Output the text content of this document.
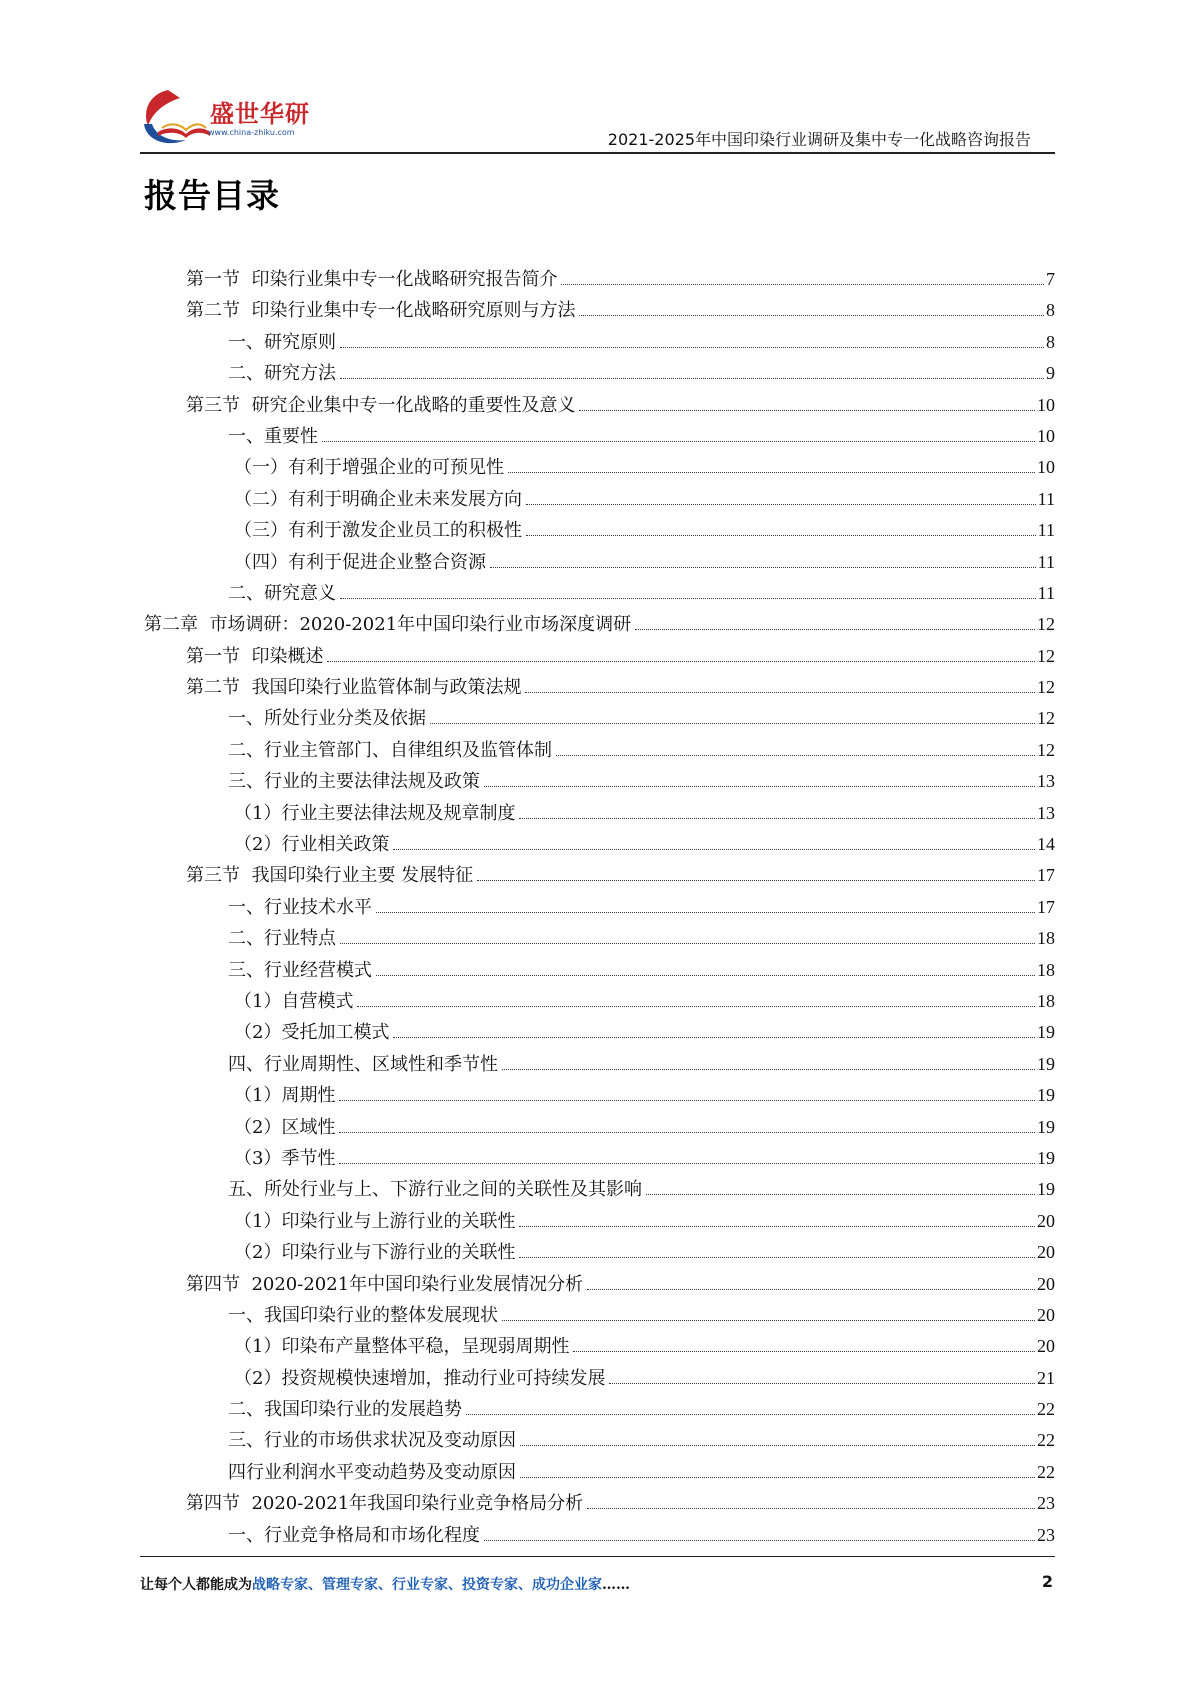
盛世华研
www.china-zhiku.com	2021-2025年中国印染行业调研及集中专一化战略咨询报告
报告目录
第一节  印染行业集中专一化战略研究报告简介	7
第二节  印染行业集中专一化战略研究原则与方法	8
一、研究原则	8
二、研究方法	9
第三节  研究企业集中专一化战略的重要性及意义	10
一、重要性	10
（一）有利于增强企业的可预见性	10
（二）有利于明确企业未来发展方向	11
（三）有利于激发企业员工的积极性	11
（四）有利于促进企业整合资源	11
二、研究意义	11
第二章  市场调研：2020-2021年中国印染行业市场深度调研	12
第一节  印染概述	12
第二节  我国印染行业监管体制与政策法规	12
一、所处行业分类及依据	12
二、行业主管部门、自律组织及监管体制	12
三、行业的主要法律法规及政策	13
（1）行业主要法律法规及规章制度	13
（2）行业相关政策	14
第三节  我国印染行业主要 发展特征	17
一、行业技术水平	17
二、行业特点	18
三、行业经营模式	18
（1）自营模式	18
（2）受托加工模式	19
四、行业周期性、区域性和季节性	19
（1）周期性	19
（2）区域性	19
（3）季节性	19
五、所处行业与上、下游行业之间的关联性及其影响	19
（1）印染行业与上游行业的关联性	20
（2）印染行业与下游行业的关联性	20
第四节  2020-2021年中国印染行业发展情况分析	20
一、我国印染行业的整体发展现状	20
（1）印染布产量整体平稳，呈现弱周期性	20
（2）投资规模快速增加，推动行业可持续发展	21
二、我国印染行业的发展趋势	22
三、行业的市场供求状况及变动原因	22
四行业利润水平变动趋势及变动原因	22
第四节  2020-2021年我国印染行业竞争格局分析	23
一、行业竞争格局和市场化程度	23
让每个人都能成为战略专家、管理专家、行业专家、投资专家、成功企业家……	2
